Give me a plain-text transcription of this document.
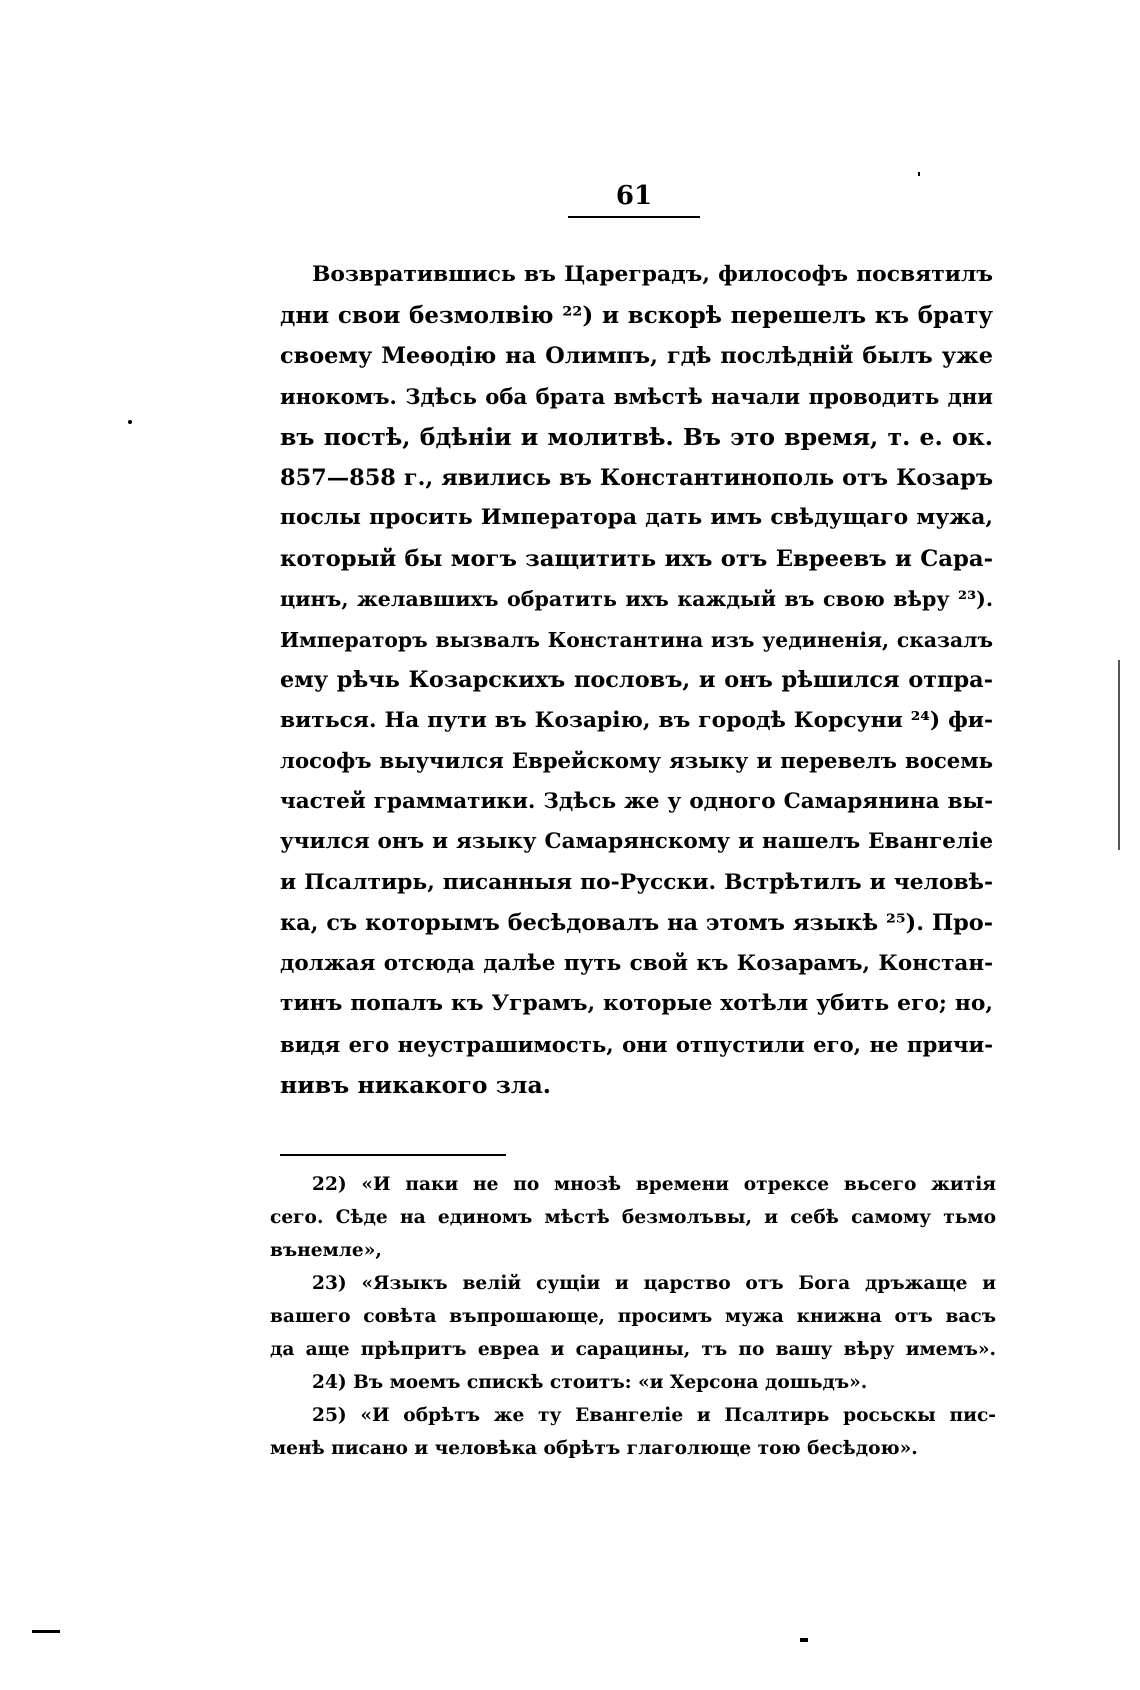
61
Возвратившись въ Цареградъ, философъ посвятилъ
дни свои безмолвію ²²) и вскорѣ перешелъ къ брату
своему Меѳодію на Олимпъ, гдѣ послѣдній былъ уже
инокомъ. Здѣсь оба брата вмѣстѣ начали проводить дни
въ постѣ, бдѣніи и молитвѣ. Въ это время, т. е. ок.
857—858 г., явились въ Константинополь отъ Козаръ
послы просить Императора дать имъ свѣдущаго мужа,
который бы могъ защитить ихъ отъ Евреевъ и Сара-
цинъ, желавшихъ обратить ихъ каждый въ свою вѣру ²³).
Императоръ вызвалъ Константина изъ уединенія, сказалъ
ему рѣчь Козарскихъ пословъ, и онъ рѣшился отпра-
виться. На пути въ Козарію, въ городѣ Корсуни ²⁴) фи-
лософъ выучился Еврейскому языку и перевелъ восемь
частей грамматики. Здѣсь же у одного Самарянина вы-
учился онъ и языку Самарянскому и нашелъ Евангеліе
и Псалтирь, писанныя по-Русски. Встрѣтилъ и человѣ-
ка, съ которымъ бесѣдовалъ на этомъ языкѣ ²⁵). Про-
должая отсюда далѣе путь свой къ Козарамъ, Констан-
тинъ попалъ къ Уграмъ, которые хотѣли убить его; но,
видя его неустрашимость, они отпустили его, не причи-
нивъ никакого зла.
22) «И паки не по мнозѣ времени отрексе вьсего житія
сего. Сѣде на единомъ мѣстѣ безмолъвы, и себѣ самому тьмо
вънемле»,
23) «Языкъ велій сущіи и царство отъ Бога дръжаще и
вашего совѣта въпрошающе, просимъ мужа книжна отъ васъ
да аще прѣпритъ евреа и сарацины, тъ по вашу вѣру имемъ».
24) Въ моемъ спискѣ стоитъ: «и Херсона дошьдъ».
25) «И обрѣтъ же ту Евангеліе и Псалтирь росьскы пис-
менѣ писано и человѣка обрѣтъ глаголюще тою бесѣдою».
